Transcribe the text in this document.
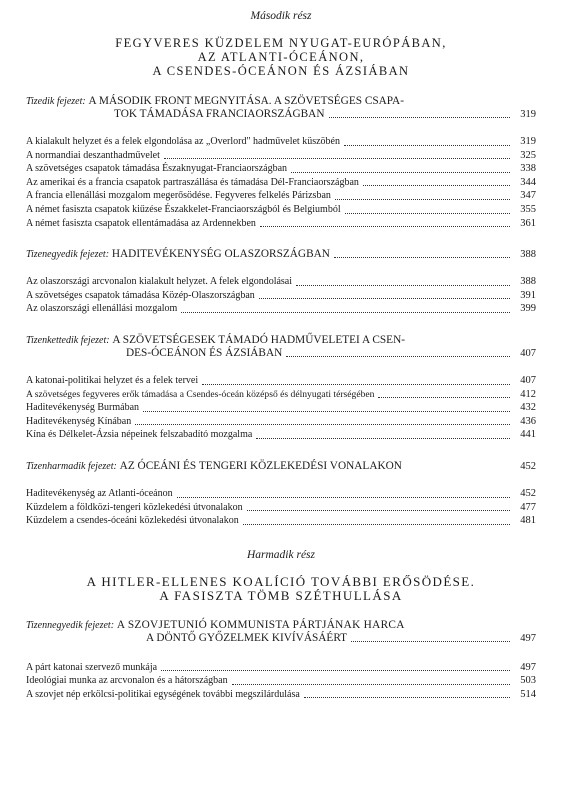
Második rész

FEGYVERES KÜZDELEM NYUGAT-EURÓPÁBAN,

AZ ATLANTI-ÓCEÁNON,

A CSENDES-ÓCEÁNON ÉS ÁZSIÁBAN

Tizedik fejezet:
A MÁSODIK FRONT MEGNYITÁSA. A SZÖVETSÉGES CSAPA-
TOK TÁMADÁSA FRANCIAORSZÁGBAN	319
A kialakult helyzet és a felek elgondolása az „Overlord" hadművelet küszöbén	319
A normandiai deszanthadművelet	325
A szövetséges csapatok támadása Északnyugat-Franciaországban	338
Az amerikai és a francia csapatok partraszállása és támadása Dél-Franciaországban	344
A francia ellenállási mozgalom megerősödése. Fegyveres felkelés Párizsban	347
A német fasiszta csapatok kiűzése Északkelet-Franciaországból és Belgiumból	355
A német fasiszta csapatok ellentámadása az Ardennekben	361
Tizenegyedik fejezet:
HADITEVÉKENYSÉG OLASZORSZÁGBAN	388
Az olaszországi arcvonalon kialakult helyzet. A felek elgondolásai	388
A szövetséges csapatok támadása Közép-Olaszországban	391
Az olaszországi ellenállási mozgalom	399
Tizenkettedik fejezet:
A SZÖVETSÉGESEK TÁMADÓ HADMŰVELETEI A CSEN-
DES-ÓCEÁNON ÉS ÁZSIÁBAN	407
A katonai-politikai helyzet és a felek tervei	407
A szövetséges fegyveres erők támadása a Csendes-óceán középső és délnyugati térségében	412
Haditevékenység Burmában	432
Haditevékenység Kínában	436
Kína és Délkelet-Ázsia népeinek felszabadító mozgalma	441
Tizenharmadik fejezet:
AZ ÓCEÁNI ÉS TENGERI KÖZLEKEDÉSI VONALAKON	452
Haditevékenység az Atlanti-óceánon	452
Küzdelem a földközi-tengeri közlekedési útvonalakon	477
Küzdelem a csendes-óceáni közlekedési útvonalakon	481

Harmadik rész

A HITLER-ELLENES KOALÍCIÓ TOVÁBBI ERŐSÖDÉSE.

A FASISZTA TÖMB SZÉTHULLÁSA

Tizennegyedik fejezet:
A SZOVJETUNIÓ KOMMUNISTA PÁRTJÁNAK HARCA
A DÖNTŐ GYŐZELMEK KIVÍVÁSÁÉRT	497
A párt katonai szervező munkája	497
Ideológiai munka az arcvonalon és a hátországban	503
A szovjet nép erkölcsi-politikai egységének további megszilárdulása	514
